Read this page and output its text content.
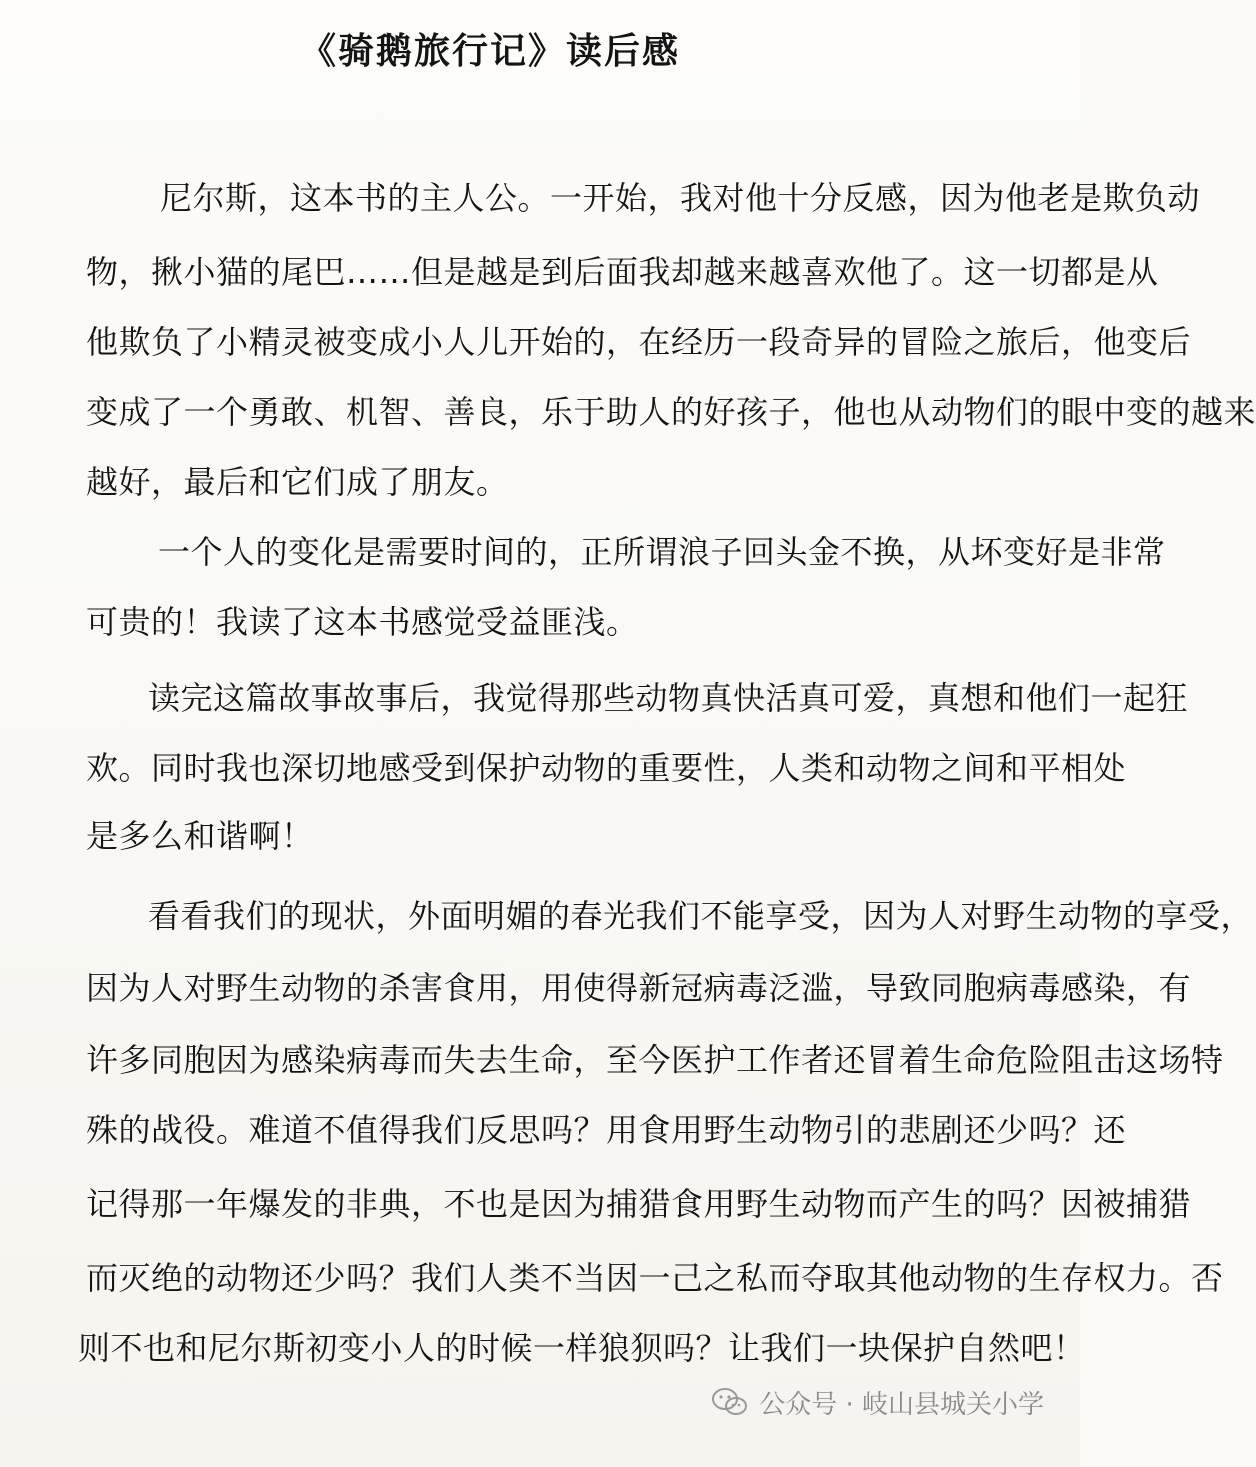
《骑鹅旅行记》读后感
尼尔斯，这本书的主人公。一开始，我对他十分反感，因为他老是欺负动
物，揪小猫的尾巴……但是越是到后面我却越来越喜欢他了。这一切都是从
他欺负了小精灵被变成小人儿开始的，在经历一段奇异的冒险之旅后，他变后
变成了一个勇敢、机智、善良，乐于助人的好孩子，他也从动物们的眼中变的越来
越好，最后和它们成了朋友。
一个人的变化是需要时间的，正所谓浪子回头金不换，从坏变好是非常
可贵的！我读了这本书感觉受益匪浅。
读完这篇故事故事后，我觉得那些动物真快活真可爱，真想和他们一起狂
欢。同时我也深切地感受到保护动物的重要性，人类和动物之间和平相处
是多么和谐啊！
看看我们的现状，外面明媚的春光我们不能享受，因为人对野生动物的享受，
因为人对野生动物的杀害食用，用使得新冠病毒泛滥，导致同胞病毒感染，有
许多同胞因为感染病毒而失去生命，至今医护工作者还冒着生命危险阻击这场特
殊的战役。难道不值得我们反思吗？用食用野生动物引的悲剧还少吗？还
记得那一年爆发的非典，不也是因为捕猎食用野生动物而产生的吗？因被捕猎
而灭绝的动物还少吗？我们人类不当因一己之私而夺取其他动物的生存权力。否
则不也和尼尔斯初变小人的时候一样狼狈吗？让我们一块保护自然吧！
公众号 · 岐山县城关小学
